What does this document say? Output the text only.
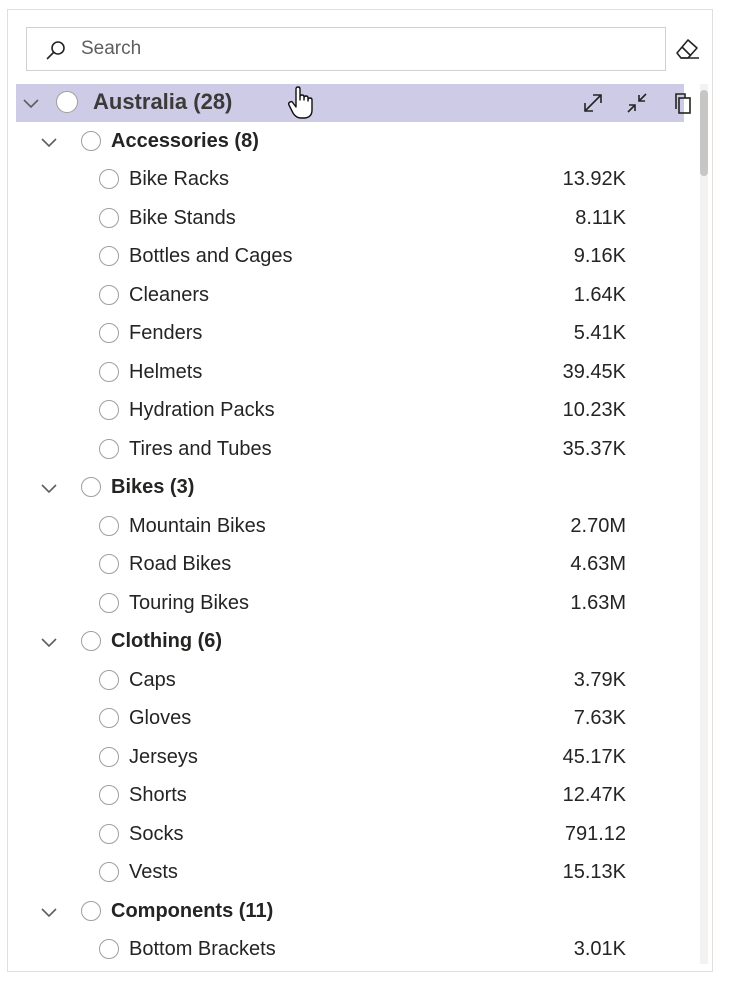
Search
Australia (28)
Accessories (8)
Bike Racks	13.92K
Bike Stands	8.11K
Bottles and Cages	9.16K
Cleaners	1.64K
Fenders	5.41K
Helmets	39.45K
Hydration Packs	10.23K
Tires and Tubes	35.37K
Bikes (3)
Mountain Bikes	2.70M
Road Bikes	4.63M
Touring Bikes	1.63M
Clothing (6)
Caps	3.79K
Gloves	7.63K
Jerseys	45.17K
Shorts	12.47K
Socks	791.12
Vests	15.13K
Components (11)
Bottom Brackets	3.01K
